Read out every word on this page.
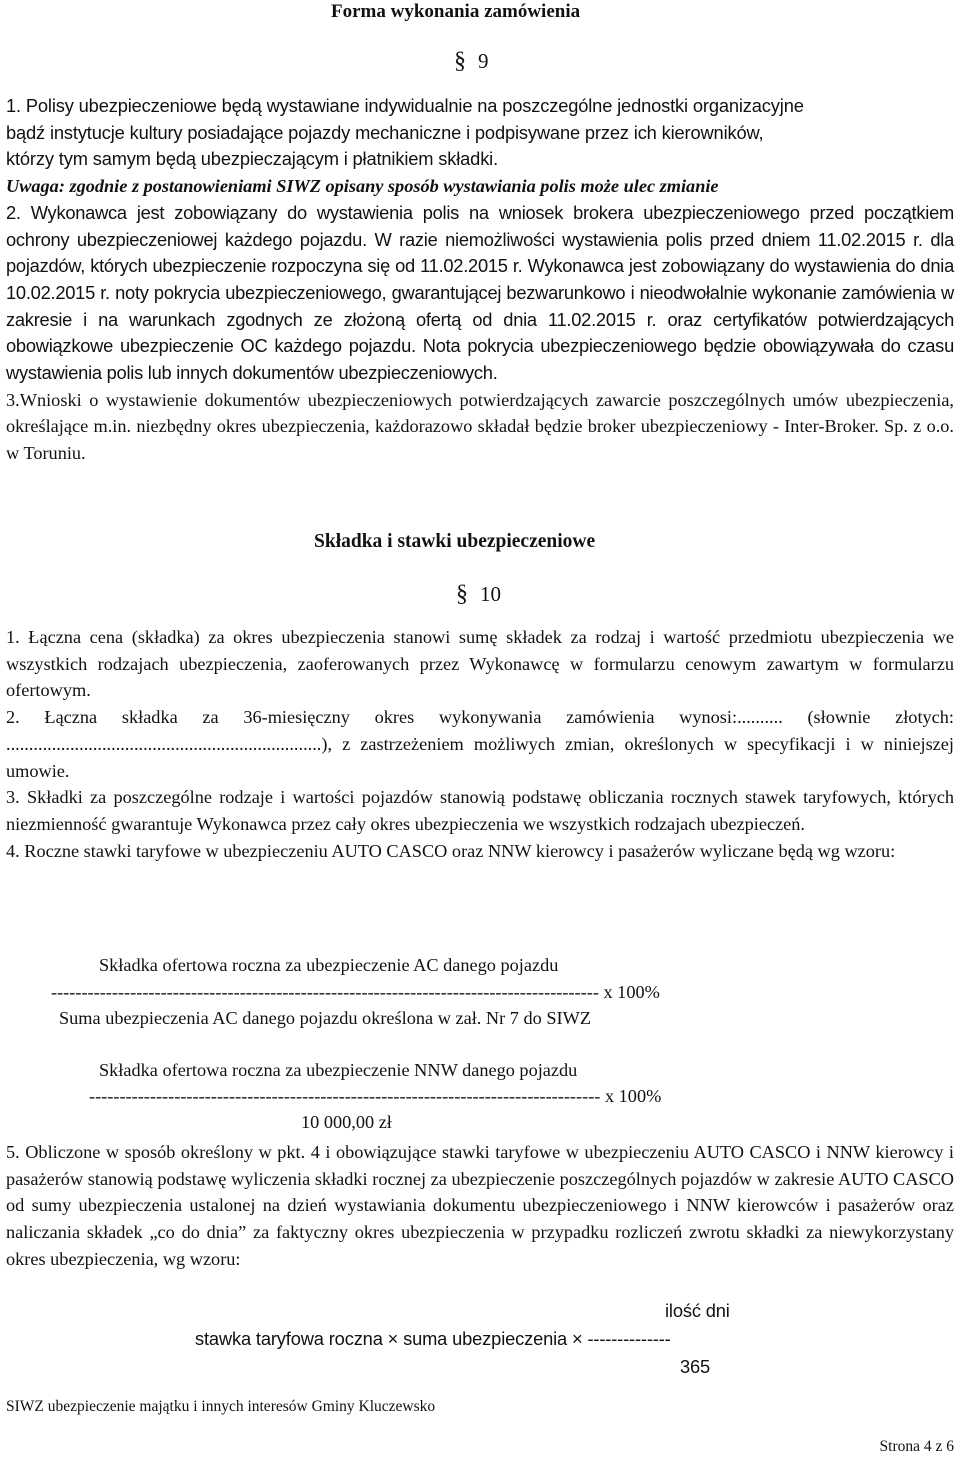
Forma wykonania zamówienia
§ 9

1. Polisy ubezpieczeniowe będą wystawiane indywidualnie na poszczególne jednostki organizacyjne
bądź instytucje kultury posiadające pojazdy mechaniczne i podpisywane przez ich kierowników,
którzy tym samym będą ubezpieczającym i płatnikiem składki.

Uwaga: zgodnie z postanowieniami SIWZ opisany sposób wystawiania polis może ulec zmianie

2. Wykonawca jest zobowiązany do wystawienia polis na wniosek brokera ubezpieczeniowego przed początkiem ochrony ubezpieczeniowej każdego pojazdu. W razie niemożliwości wystawienia polis przed dniem 11.02.2015 r. dla pojazdów, których ubezpieczenie rozpoczyna się od 11.02.2015 r. Wykonawca jest zobowiązany do wystawienia do dnia 10.02.2015 r. noty pokrycia ubezpieczeniowego, gwarantującej bezwarunkowo i nieodwołalnie wykonanie zamówienia w zakresie i na warunkach zgodnych ze złożoną ofertą od dnia 11.02.2015 r. oraz certyfikatów potwierdzających obowiązkowe ubezpieczenie OC każdego pojazdu. Nota pokrycia ubezpieczeniowego będzie obowiązywała do czasu wystawienia polis lub innych dokumentów ubezpieczeniowych.

3.Wnioski o wystawienie dokumentów ubezpieczeniowych potwierdzających zawarcie poszczególnych umów ubezpieczenia, określające m.in. niezbędny okres ubezpieczenia, każdorazowo składał będzie broker ubezpieczeniowy - Inter-Broker. Sp. z o.o. w Toruniu.

Składka i stawki ubezpieczeniowe
§ 10

1. Łączna cena (składka) za okres ubezpieczenia stanowi sumę składek za rodzaj i wartość przedmiotu ubezpieczenia we wszystkich rodzajach ubezpieczenia, zaoferowanych przez Wykonawcę w formularzu cenowym zawartym w formularzu ofertowym.

2. Łączna składka za 36-miesięczny okres wykonywania zamówienia wynosi:.......... (słownie złotych: .....................................................................), z zastrzeżeniem możliwych zmian, określonych w specyfikacji i w niniejszej umowie.

3. Składki za poszczególne rodzaje i wartości pojazdów stanowią podstawę obliczania rocznych stawek taryfowych, których niezmienność gwarantuje Wykonawca przez cały okres ubezpieczenia we wszystkich rodzajach ubezpieczeń.

4. Roczne stawki taryfowe w ubezpieczeniu AUTO CASCO oraz NNW kierowcy i pasażerów wyliczane będą wg wzoru:

Składka ofertowa roczna za ubezpieczenie AC danego pojazdu
------------------------------------------------------------------------------------------ x 100%
Suma ubezpieczenia AC danego pojazdu określona w zał. Nr 7 do SIWZ
Składka ofertowa roczna za ubezpieczenie NNW danego pojazdu
------------------------------------------------------------------------------------ x 100%
10 000,00 zł

5. Obliczone w sposób określony w pkt. 4 i obowiązujące stawki taryfowe w ubezpieczeniu AUTO CASCO i NNW kierowcy i pasażerów stanowią podstawę wyliczenia składki rocznej za ubezpieczenie poszczególnych pojazdów w zakresie AUTO CASCO od sumy ubezpieczenia ustalonej na dzień wystawiania dokumentu ubezpieczeniowego i NNW kierowców i pasażerów oraz naliczania składek „co do dnia” za faktyczny okres ubezpieczenia w przypadku rozliczeń zwrotu składki za niewykorzystany okres ubezpieczenia, wg wzoru:

ilość dni
stawka taryfowa roczna × suma ubezpieczenia × --------------
365
SIWZ ubezpieczenie majątku i innych interesów Gminy Kluczewsko
Strona 4 z 6
